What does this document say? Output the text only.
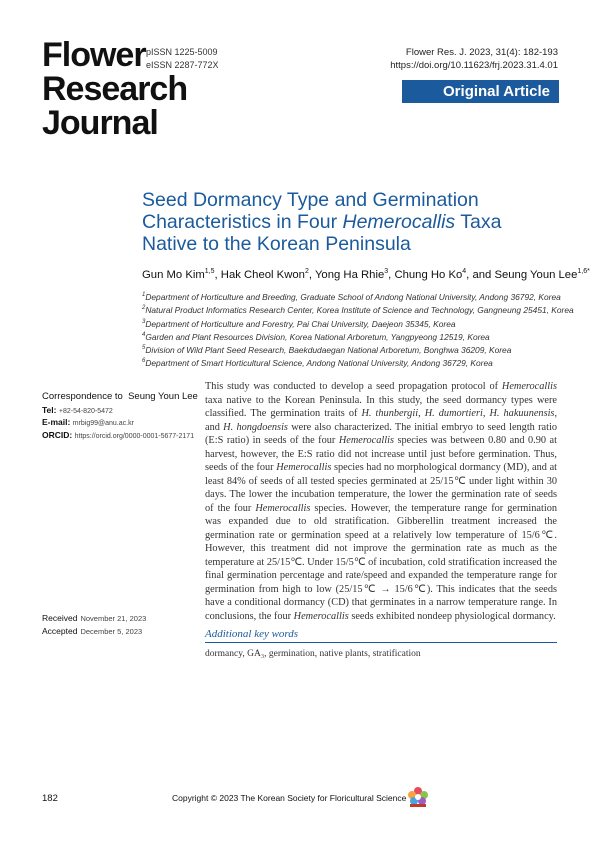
Flower
Research
Journal
pISSN 1225-5009
eISSN 2287-772X
Flower Res. J. 2023, 31(4): 182-193
https://doi.org/10.11623/frj.2023.31.4.01
Original Article
Seed Dormancy Type and Germination Characteristics in Four Hemerocallis Taxa Native to the Korean Peninsula
Gun Mo Kim$^{1,5}$, Hak Cheol Kwon$^2$, Yong Ha Rhie$^3$, Chung Ho Ko$^4$, and Seung Youn Lee$^{1,6*}$
$^1$Department of Horticulture and Breeding, Graduate School of Andong National University, Andong 36792, Korea
$^2$Natural Product Informatics Research Center, Korea Institute of Science and Technology, Gangneung 25451, Korea
$^3$Department of Horticulture and Forestry, Pai Chai University, Daejeon 35345, Korea
$^4$Garden and Plant Resources Division, Korea National Arboretum, Yangpyeong 12519, Korea
$^5$Division of Wild Plant Seed Research, Baekdudaegan National Arboretum, Bonghwa 36209, Korea
$^6$Department of Smart Horticultural Science, Andong National University, Andong 36729, Korea
Correspondence to Seung Youn Lee
Tel: +82-54-820-5472
E-mail: mrbig99@anu.ac.kr
ORCID: https://orcid.org/0000-0001-5677-2171
This study was conducted to develop a seed propagation protocol of Hemerocallis taxa native to the Korean Peninsula. In this study, the seed dormancy types were classified. The germination traits of H. thunbergii, H. dumortieri, H. hakuunensis, and H. hongdoensis were also characterized. The initial embryo to seed length ratio (E:S ratio) in seeds of the four Hemerocallis species was between 0.80 and 0.90 at harvest, however, the E:S ratio did not increase until just before germination. Thus, seeds of the four Hemerocallis species had no morphological dormancy (MD), and at least 84% of seeds of all tested species germinated at 25/15℃ under light within 30 days. The lower the incubation temperature, the lower the germination rate of seeds of the four Hemerocallis species. However, the temperature range for germination was expanded due to old stratification. Gibberellin treatment increased the germination rate or germination speed at a relatively low temperature of 15/6℃. However, this treatment did not improve the germination rate as much as the temperature at 25/15℃. Under 15/5℃ of incubation, cold stratification increased the final germination percentage and rate/speed and expanded the temperature range for germination from high to low (25/15℃ → 15/6℃). This indicates that the seeds have a conditional dormancy (CD) that germinates in a narrow temperature range. In conclusions, the four Hemerocallis seeds exhibited nondeep physiological dormancy.
Received November 21, 2023
Accepted December 5, 2023	Additional key words
dormancy, GA₃, germination, native plants, stratification
182	Copyright © 2023 The Korean Society for Floricultural Science
